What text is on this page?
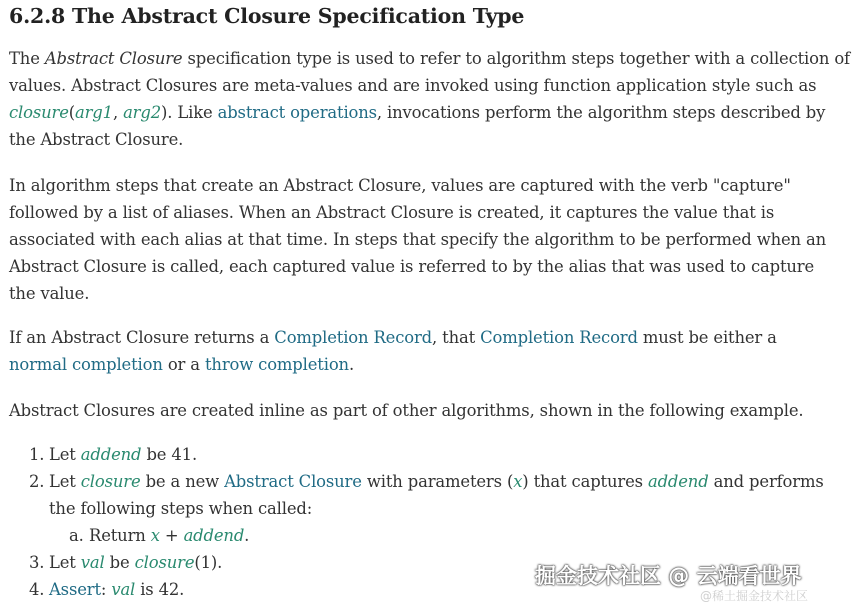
6.2.8 The Abstract Closure Specification Type

The Abstract Closure specification type is used to refer to algorithm steps together with a collection of
values. Abstract Closures are meta-values and are invoked using function application style such as
closure(arg1, arg2). Like abstract operations, invocations perform the algorithm steps described by
the Abstract Closure.

In algorithm steps that create an Abstract Closure, values are captured with the verb "capture"
followed by a list of aliases. When an Abstract Closure is created, it captures the value that is
associated with each alias at that time. In steps that specify the algorithm to be performed when an
Abstract Closure is called, each captured value is referred to by the alias that was used to capture
the value.

If an Abstract Closure returns a Completion Record, that Completion Record must be either a
normal completion or a throw completion.

Abstract Closures are created inline as part of other algorithms, shown in the following example.

1. Let addend be 41.
2. Let closure be a new Abstract Closure with parameters (x) that captures addend and performs
the following steps when called:
a. Return x + addend.
3. Let val be closure(1).
4. Assert: val is 42.
掘金技术社区 @ 云端看世界
@稀土掘金技术社区
